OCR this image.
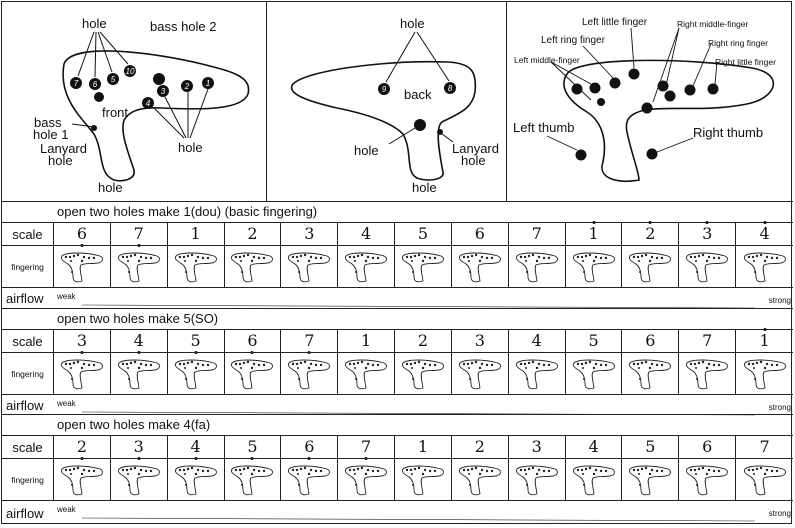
7 6
5
10
1
2
3
4
hole	bass hole 2
front
bass
hole 1
Lanyard
hole
hole
hole
9	8
hole
back
hole	Lanyard
hole
hole
Left little finger	Right middle-finger
Left ring finger	Right ring finger
Left middle-finger	Right little finger
Left thumb	Right thumb
open two holes make 1(dou) (basic fingering)
scale	6	7	1	2	3	4	5	6	7	1	2	3	4
fingering
airflow	weak	strong
open two holes make 5(SO)
scale	3	4	5	6	7	1	2	3	4	5	6	7	1
fingering
airflow	weak	strong
open two holes make 4(fa)
scale	2	3	4	5	6	7	1	2	3	4	5	6	7
fingering
airflow	weak	strong
